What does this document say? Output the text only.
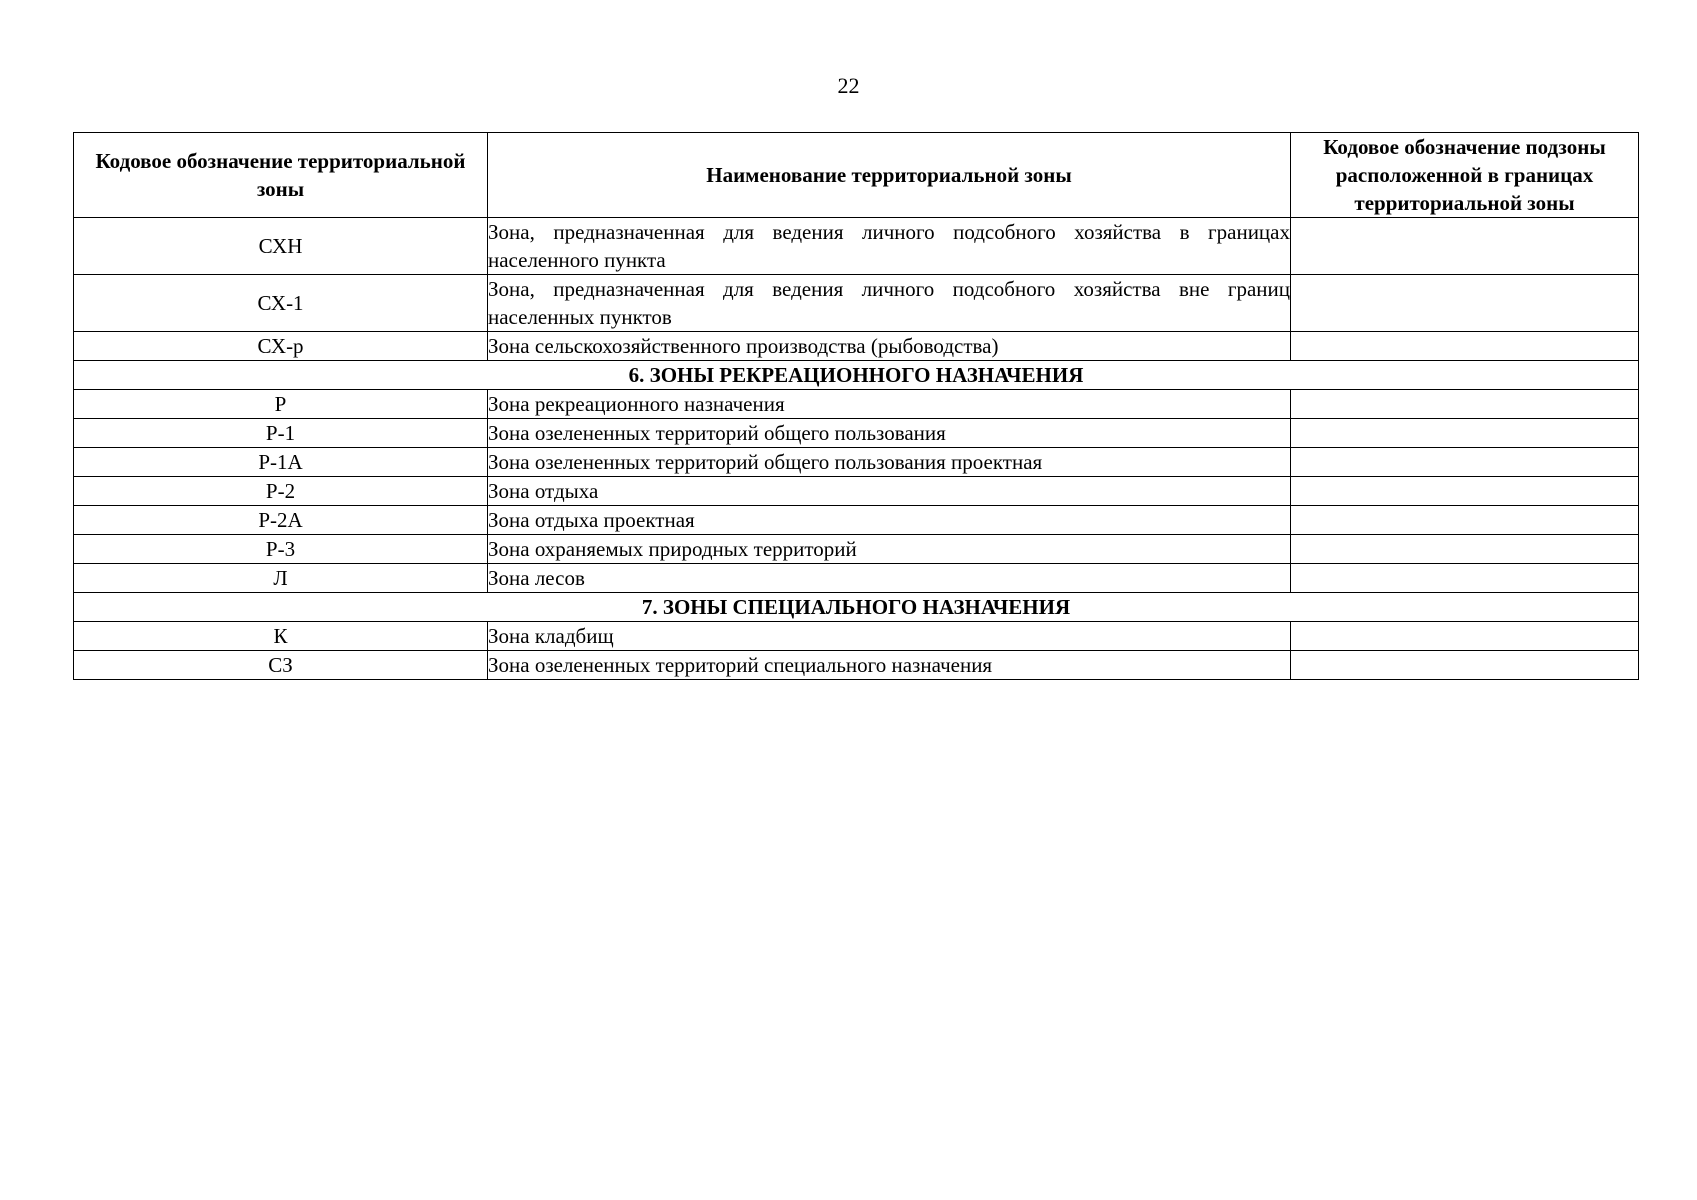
22
Кодовое обозначение территориальной зоны	Наименование территориальной зоны	Кодовое обозначение подзоны расположенной в границах территориальной зоны
СХН	Зона, предназначенная для ведения личного подсобного хозяйства в границах населенного пункта	
СХ-1	Зона, предназначенная для ведения личного подсобного хозяйства вне границ населенных пунктов	
СХ-р	Зона сельскохозяйственного производства (рыбоводства)	
6. ЗОНЫ РЕКРЕАЦИОННОГО НАЗНАЧЕНИЯ		
Р	Зона рекреационного назначения	
Р-1	Зона озелененных территорий общего пользования	
Р-1А	Зона озелененных территорий общего пользования проектная	
Р-2	Зона отдыха	
Р-2А	Зона отдыха проектная	
Р-3	Зона охраняемых природных территорий	
Л	Зона лесов	
7. ЗОНЫ СПЕЦИАЛЬНОГО НАЗНАЧЕНИЯ		
К	Зона кладбищ	
СЗ	Зона озелененных территорий специального назначения	
